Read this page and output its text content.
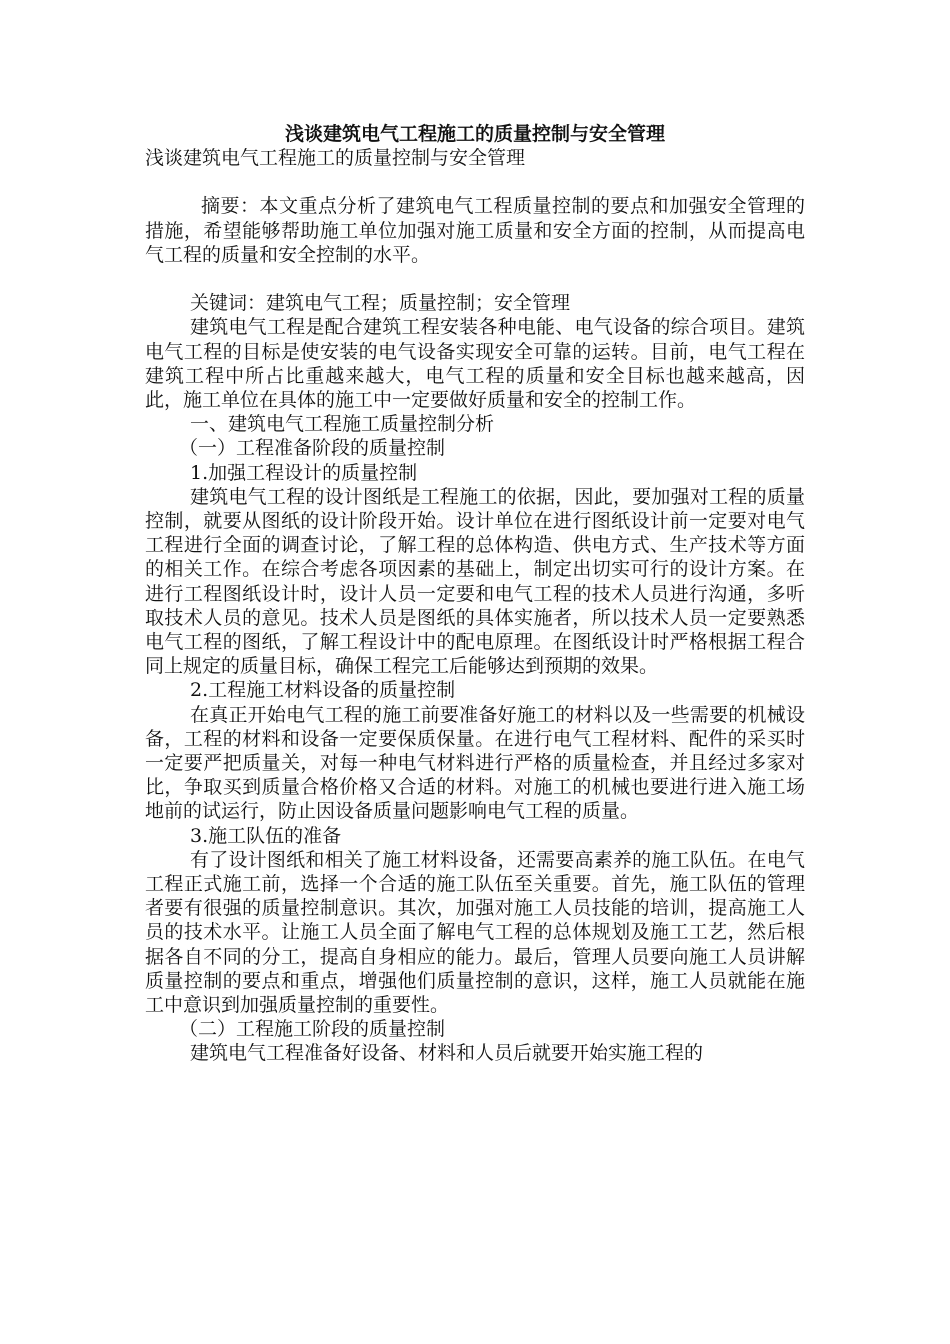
浅谈建筑电气工程施工的质量控制与安全管理

浅谈建筑电气工程施工的质量控制与安全管理

摘要：本文重点分析了建筑电气工程质量控制的要点和加强安全管理的措施，希望能够帮助施工单位加强对施工质量和安全方面的控制，从而提高电气工程的质量和安全控制的水平。

关键词：建筑电气工程；质量控制；安全管理

建筑电气工程是配合建筑工程安装各种电能、电气设备的综合项目。建筑电气工程的目标是使安装的电气设备实现安全可靠的运转。目前，电气工程在建筑工程中所占比重越来越大，电气工程的质量和安全目标也越来越高，因此，施工单位在具体的施工中一定要做好质量和安全的控制工作。

一、建筑电气工程施工质量控制分析

（一）工程准备阶段的质量控制

1.加强工程设计的质量控制

建筑电气工程的设计图纸是工程施工的依据，因此，要加强对工程的质量控制，就要从图纸的设计阶段开始。设计单位在进行图纸设计前一定要对电气工程进行全面的调查讨论，了解工程的总体构造、供电方式、生产技术等方面的相关工作。在综合考虑各项因素的基础上，制定出切实可行的设计方案。在进行工程图纸设计时，设计人员一定要和电气工程的技术人员进行沟通，多听取技术人员的意见。技术人员是图纸的具体实施者，所以技术人员一定要熟悉电气工程的图纸，了解工程设计中的配电原理。在图纸设计时严格根据工程合同上规定的质量目标，确保工程完工后能够达到预期的效果。

2.工程施工材料设备的质量控制

在真正开始电气工程的施工前要准备好施工的材料以及一些需要的机械设备，工程的材料和设备一定要保质保量。在进行电气工程材料、配件的采买时一定要严把质量关，对每一种电气材料进行严格的质量检查，并且经过多家对比，争取买到质量合格价格又合适的材料。对施工的机械也要进行进入施工场地前的试运行，防止因设备质量问题影响电气工程的质量。

3.施工队伍的准备

有了设计图纸和相关了施工材料设备，还需要高素养的施工队伍。在电气工程正式施工前，选择一个合适的施工队伍至关重要。首先，施工队伍的管理者要有很强的质量控制意识。其次，加强对施工人员技能的培训，提高施工人员的技术水平。让施工人员全面了解电气工程的总体规划及施工工艺，然后根据各自不同的分工，提高自身相应的能力。最后，管理人员要向施工人员讲解质量控制的要点和重点，增强他们质量控制的意识，这样，施工人员就能在施工中意识到加强质量控制的重要性。

（二）工程施工阶段的质量控制

建筑电气工程准备好设备、材料和人员后就要开始实施工程的
